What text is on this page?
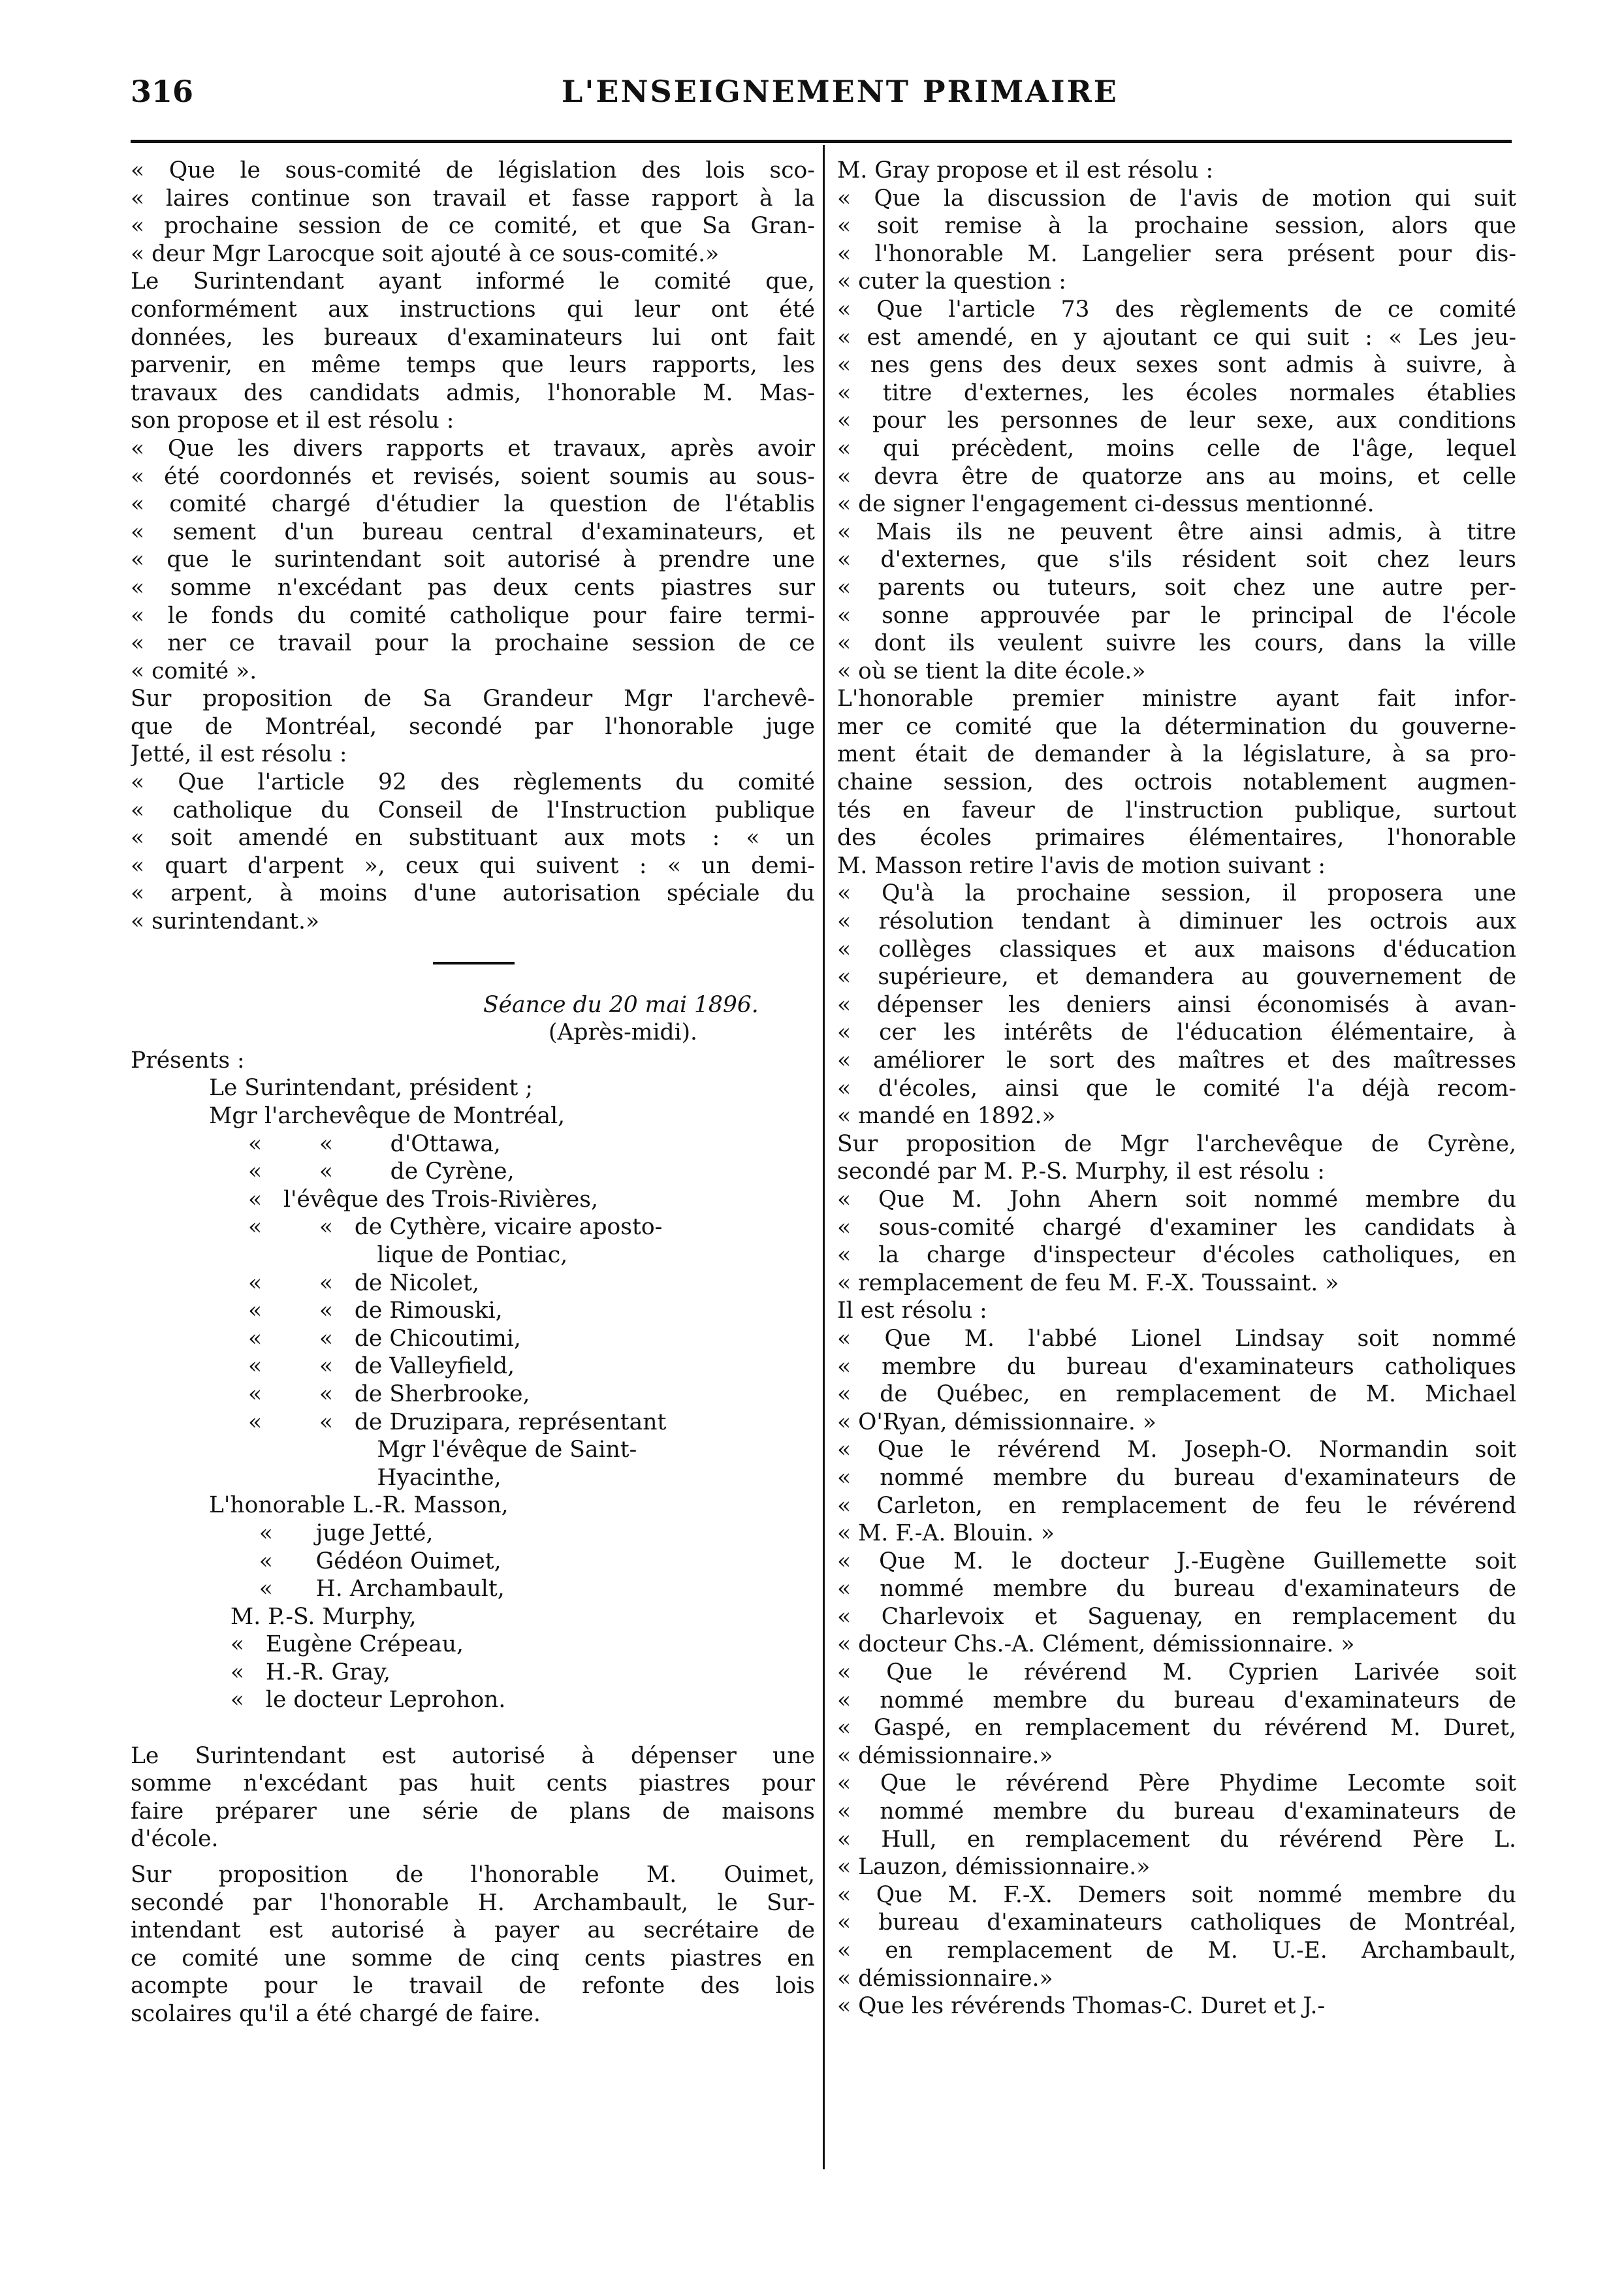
316	L'ENSEIGNEMENT PRIMAIRE
« Que le sous-comité de législation des lois sco-
« laires continue son travail et fasse rapport à la
« prochaine session de ce comité, et que Sa Gran-
« deur Mgr Larocque soit ajouté à ce sous-comité.»
Le Surintendant ayant informé le comité que,
conformément aux instructions qui leur ont été
données, les bureaux d'examinateurs lui ont fait
parvenir, en même temps que leurs rapports, les
travaux des candidats admis, l'honorable M. Mas-
son propose et il est résolu :
« Que les divers rapports et travaux, après avoir
« été coordonnés et revisés, soient soumis au sous-
« comité chargé d'étudier la question de l'établis
« sement d'un bureau central d'examinateurs, et
« que le surintendant soit autorisé à prendre une
« somme n'excédant pas deux cents piastres sur
« le fonds du comité catholique pour faire termi-
« ner ce travail pour la prochaine session de ce
« comité ».
Sur proposition de Sa Grandeur Mgr l'archevê-
que de Montréal, secondé par l'honorable juge
Jetté, il est résolu :
« Que l'article 92 des règlements du comité
« catholique du Conseil de l'Instruction publique
« soit amendé en substituant aux mots : « un
« quart d'arpent », ceux qui suivent : « un demi-
« arpent, à moins d'une autorisation spéciale du
« surintendant.»
Séance du 20 mai 1896.
(Après-midi).
Présents :
Le Surintendant, président ;
Mgr l'archevêque de Montréal,
«        «        d'Ottawa,
«        «        de Cyrène,
«   l'évêque des Trois-Rivières,
«        «   de Cythère, vicaire apostο-
lique de Pontiac,
«        «   de Nicolet,
«        «   de Rimouski,
«        «   de Chicoutimi,
«        «   de Valleyfield,
«        «   de Sherbrooke,
«        «   de Druzipara, représentant
Mgr l'évêque de Saint-
Hyacinthe,
L'honorable L.-R. Masson,
«      juge Jetté,
«      Gédéon Ouimet,
«      H. Archambault,
M. P.-S. Murphy,
«   Eugène Crépeau,
«   H.-R. Gray,
«   le docteur Leprohon.
Le Surintendant est autorisé à dépenser une
somme n'excédant pas huit cents piastres pour
faire préparer une série de plans de maisons
d'école.
Sur proposition de l'honorable M. Ouimet,
secondé par l'honorable H. Archambault, le Sur-
intendant est autorisé à payer au secrétaire de
ce comité une somme de cinq cents piastres en
acompte pour le travail de refonte des lois
scolaires qu'il a été chargé de faire.
M. Gray propose et il est résolu :
« Que la discussion de l'avis de motion qui suit
« soit remise à la prochaine session, alors que
« l'honorable M. Langelier sera présent pour dis-
« cuter la question :
« Que l'article 73 des règlements de ce comité
« est amendé, en y ajoutant ce qui suit : « Les jeu-
« nes gens des deux sexes sont admis à suivre, à
« titre d'externes, les écoles normales établies
« pour les personnes de leur sexe, aux conditions
« qui précèdent, moins celle de l'âge, lequel
« devra être de quatorze ans au moins, et celle
« de signer l'engagement ci-dessus mentionné.
« Mais ils ne peuvent être ainsi admis, à titre
« d'externes, que s'ils résident soit chez leurs
« parents ou tuteurs, soit chez une autre per-
« sonne approuvée par le principal de l'école
« dont ils veulent suivre les cours, dans la ville
« où se tient la dite école.»
L'honorable premier ministre ayant fait infor-
mer ce comité que la détermination du gouverne-
ment était de demander à la législature, à sa pro-
chaine session, des octrois notablement augmen-
tés en faveur de l'instruction publique, surtout
des écoles primaires élémentaires, l'honorable
M. Masson retire l'avis de motion suivant :
« Qu'à la prochaine session, il proposera une
« résolution tendant à diminuer les octrois aux
« collèges classiques et aux maisons d'éducation
« supérieure, et demandera au gouvernement de
« dépenser les deniers ainsi économisés à avan-
« cer les intérêts de l'éducation élémentaire, à
« améliorer le sort des maîtres et des maîtresses
« d'écoles, ainsi que le comité l'a déjà recom-
« mandé en 1892.»
Sur proposition de Mgr l'archevêque de Cyrène,
secondé par M. P.-S. Murphy, il est résolu :
« Que M. John Ahern soit nommé membre du
« sous-comité chargé d'examiner les candidats à
« la charge d'inspecteur d'écoles catholiques, en
« remplacement de feu M. F.-X. Toussaint. »
Il est résolu :
« Que M. l'abbé Lionel Lindsay soit nommé
« membre du bureau d'examinateurs catholiques
« de Québec, en remplacement de M. Michael
« O'Ryan, démissionnaire. »
« Que le révérend M. Joseph-O. Normandin soit
« nommé membre du bureau d'examinateurs de
« Carleton, en remplacement de feu le révérend
« M. F.-A. Blouin. »
« Que M. le docteur J.-Eugène Guillemette soit
« nommé membre du bureau d'examinateurs de
« Charlevoix et Saguenay, en remplacement du
« docteur Chs.-A. Clément, démissionnaire. »
« Que le révérend M. Cyprien Larivée soit
« nommé membre du bureau d'examinateurs de
« Gaspé, en remplacement du révérend M. Duret,
« démissionnaire.»
« Que le révérend Père Phydime Lecomte soit
« nommé membre du bureau d'examinateurs de
« Hull, en remplacement du révérend Père L.
« Lauzon, démissionnaire.»
« Que M. F.-X. Demers soit nommé membre du
« bureau d'examinateurs catholiques de Montréal,
« en remplacement de M. U.-E. Archambault,
« démissionnaire.»
« Que les révérends Thomas-C. Duret et J.-
